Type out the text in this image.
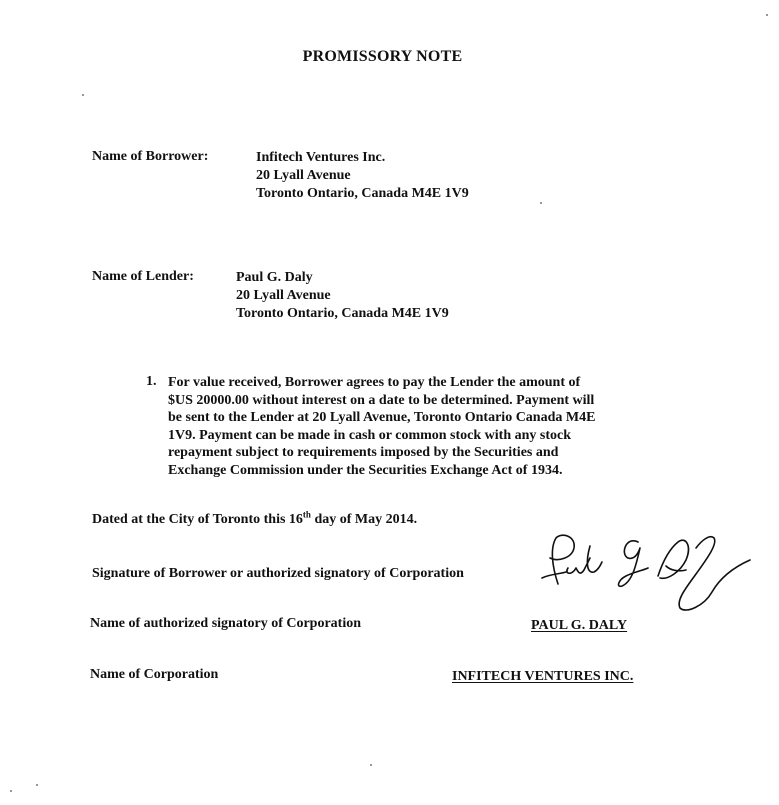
PROMISSORY NOTE
Name of Borrower:	Infitech Ventures Inc.
20 Lyall Avenue
Toronto Ontario, Canada M4E 1V9
Name of Lender:	Paul G. Daly
20 Lyall Avenue
Toronto Ontario, Canada M4E 1V9
1. For value received, Borrower agrees to pay the Lender the amount of
$US 20000.00 without interest on a date to be determined. Payment will
be sent to the Lender at 20 Lyall Avenue, Toronto Ontario Canada M4E
1V9. Payment can be made in cash or common stock with any stock
repayment subject to requirements imposed by the Securities and
Exchange Commission under the Securities Exchange Act of 1934.
Dated at the City of Toronto this 16th day of May 2014.
Signature of Borrower or authorized signatory of Corporation
Name of authorized signatory of Corporation	PAUL G. DALY
Name of Corporation	INFITECH VENTURES INC.
